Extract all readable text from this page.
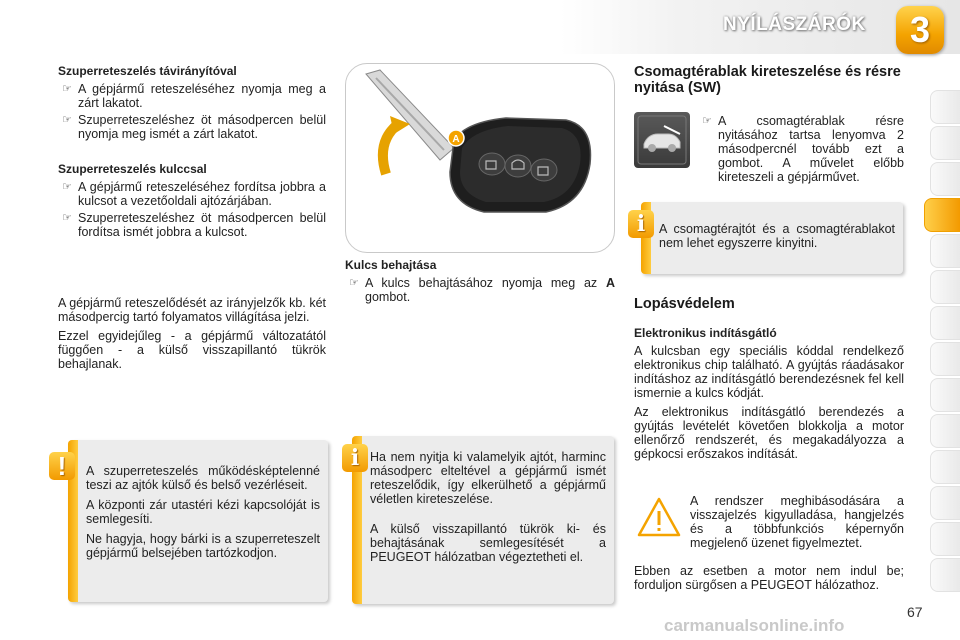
NYÍLÁSZÁRÓK	3
Szuperreteszelés távirányítóval
☞ A gépjármű reteszeléséhez nyomja meg a zárt lakatot.
☞ Szuperreteszeléshez öt másodpercen belül nyomja meg ismét a zárt lakatot.
Szuperreteszelés kulccsal
☞ A gépjármű reteszeléséhez fordítsa jobbra a kulcsot a vezetőoldali ajtózárjában.
☞ Szuperreteszeléshez öt másodpercen belül fordítsa ismét jobbra a kulcsot.

A gépjármű reteszelődését az irányjelzők kb. két másodpercig tartó folyamatos villágítása jelzi.

Ezzel egyidejűleg - a gépjármű változatától függően - a külső visszapillantó tükrök behajlanak.

A szuperreteszelés működésképtelenné teszi az ajtók külső és belső vezérléseit.

A központi zár utastéri kézi kapcsolóját is semlegesíti.

Ne hagyja, hogy bárki is a szuperreteszelt gépjármű belsejében tartózkodjon.

!
A
Kulcs behajtása
☞ A kulcs behajtásához nyomja meg az A gombot.

Ha nem nyitja ki valamelyik ajtót, harminc másodperc elteltével a gépjármű ismét reteszelődik, így elkerülhető a gépjármű véletlen kireteszelése.

A külső visszapillantó tükrök ki- és behajtásának semlegesítését a PEUGEOT hálózatban végeztetheti el.

i
Csomagtérablak kireteszelése és résre nyitása (SW)
☞ A csomagtérablak résre nyitásához tartsa lenyomva 2 másodpercnél tovább ezt a gombot. A művelet előbb kireteszeli a gépjárművet.

A csomagtérajtót és a csomagtérablakot nem lehet egyszerre kinyitni.

i
Lopásvédelem
Elektronikus indításgátló

A kulcsban egy speciális kóddal rendelkező elektronikus chip található. A gyújtás ráadásakor indításhoz az indításgátló berendezésnek fel kell ismernie a kulcs kódját.

Az elektronikus indításgátló berendezés a gyújtás levételét követően blokkolja a motor ellenőrző rendszerét, és megakadályozza a gépkocsi erőszakos indítását.

A rendszer meghibásodására a visszajelzés kigyulladása, hangjelzés és a többfunkciós képernyőn megjelenő üzenet figyelmeztet.

Ebben az esetben a motor nem indul be; forduljon sürgősen a PEUGEOT hálózathoz.

67
carmanualsonline.info
